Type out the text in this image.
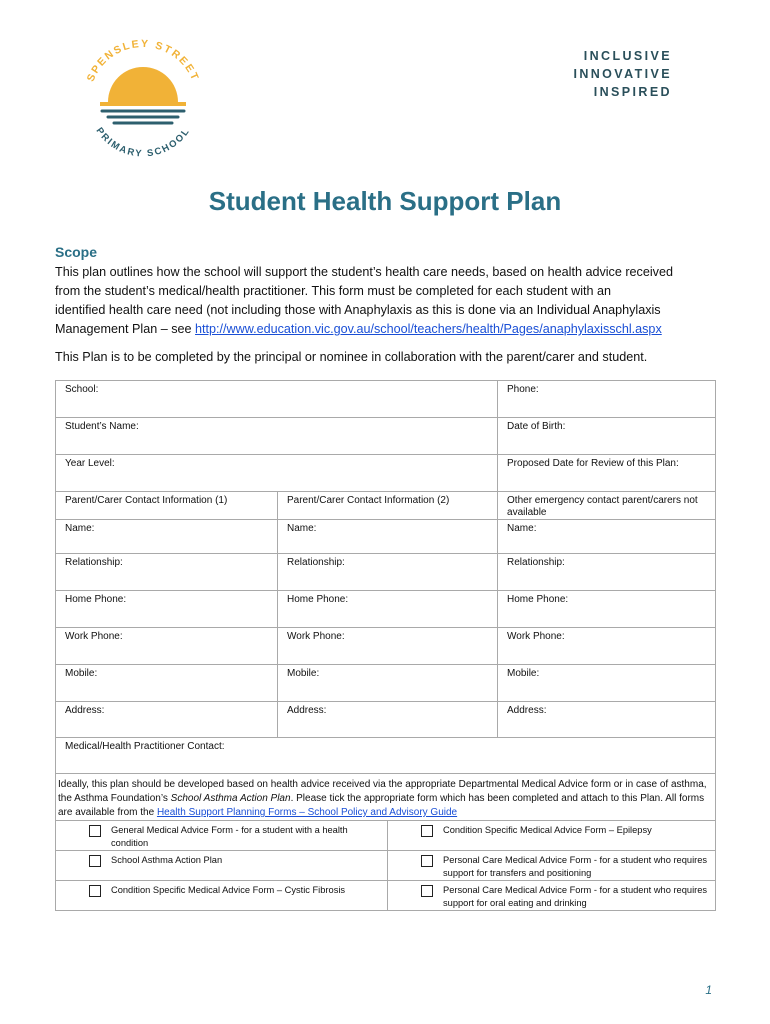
SPENSLEY STREET
PRIMARY SCHOOL
INCLUSIVE
INNOVATIVE
INSPIRED
Student Health Support Plan
Scope
This plan outlines how the school will support the student’s health care needs, based on health advice received
from the student’s medical/health practitioner. This form must be completed for each student with an
identified health care need (not including those with Anaphylaxis as this is done via an Individual Anaphylaxis
Management Plan – see http://www.education.vic.gov.au/school/teachers/health/Pages/anaphylaxisschl.aspx
This Plan is to be completed by the principal or nominee in collaboration with the parent/carer and student.
School:			Phone:
Student’s Name:			Date of Birth:
Year Level:			Proposed Date for Review of this Plan:
Parent/Carer Contact Information (1)	Parent/Carer Contact Information (2)		Other emergency contact parent/carers not available
Name:	Name:		Name:
Relationship:	Relationship:		Relationship:
Home Phone:	Home Phone:		Home Phone:
Work Phone:	Work Phone:		Work Phone:
Mobile:	Mobile:		Mobile:
Address:	Address:		Address:
Medical/Health Practitioner Contact:			
Ideally, this plan should be developed based on health advice received via the appropriate Departmental Medical Advice form or in case of asthma, the Asthma Foundation’s School Asthma Action Plan. Please tick the appropriate form which has been completed and attach to this Plan. All forms are available from the Health Support Planning Forms – School Policy and Advisory Guide			

General Medical Advice Form - for a student with a health condition		Condition Specific Medical Advice Form – Epilepsy	

School Asthma Action Plan		Personal Care Medical Advice Form - for a student who requires support for transfers and positioning	

Condition Specific Medical Advice Form – Cystic Fibrosis		Personal Care Medical Advice Form - for a student who requires support for oral eating and drinking	
1
